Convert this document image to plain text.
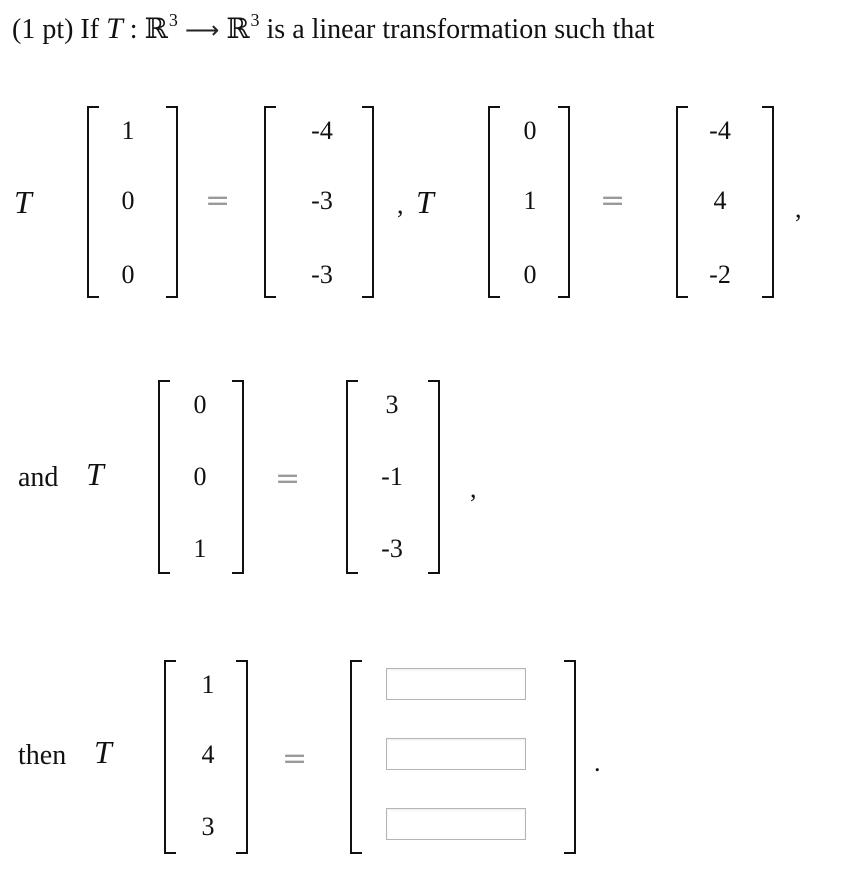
(1 pt) If T : ℝ$^3$ ⟶ ℝ$^3$ is a linear transformation such that
T
1
0
0
=
-4
-3
-3
, T
0
1
0
=
-4
4
-2
,
and T
0
0
1
=
3
-1
-3
,
then T
1
4
3
=	.
